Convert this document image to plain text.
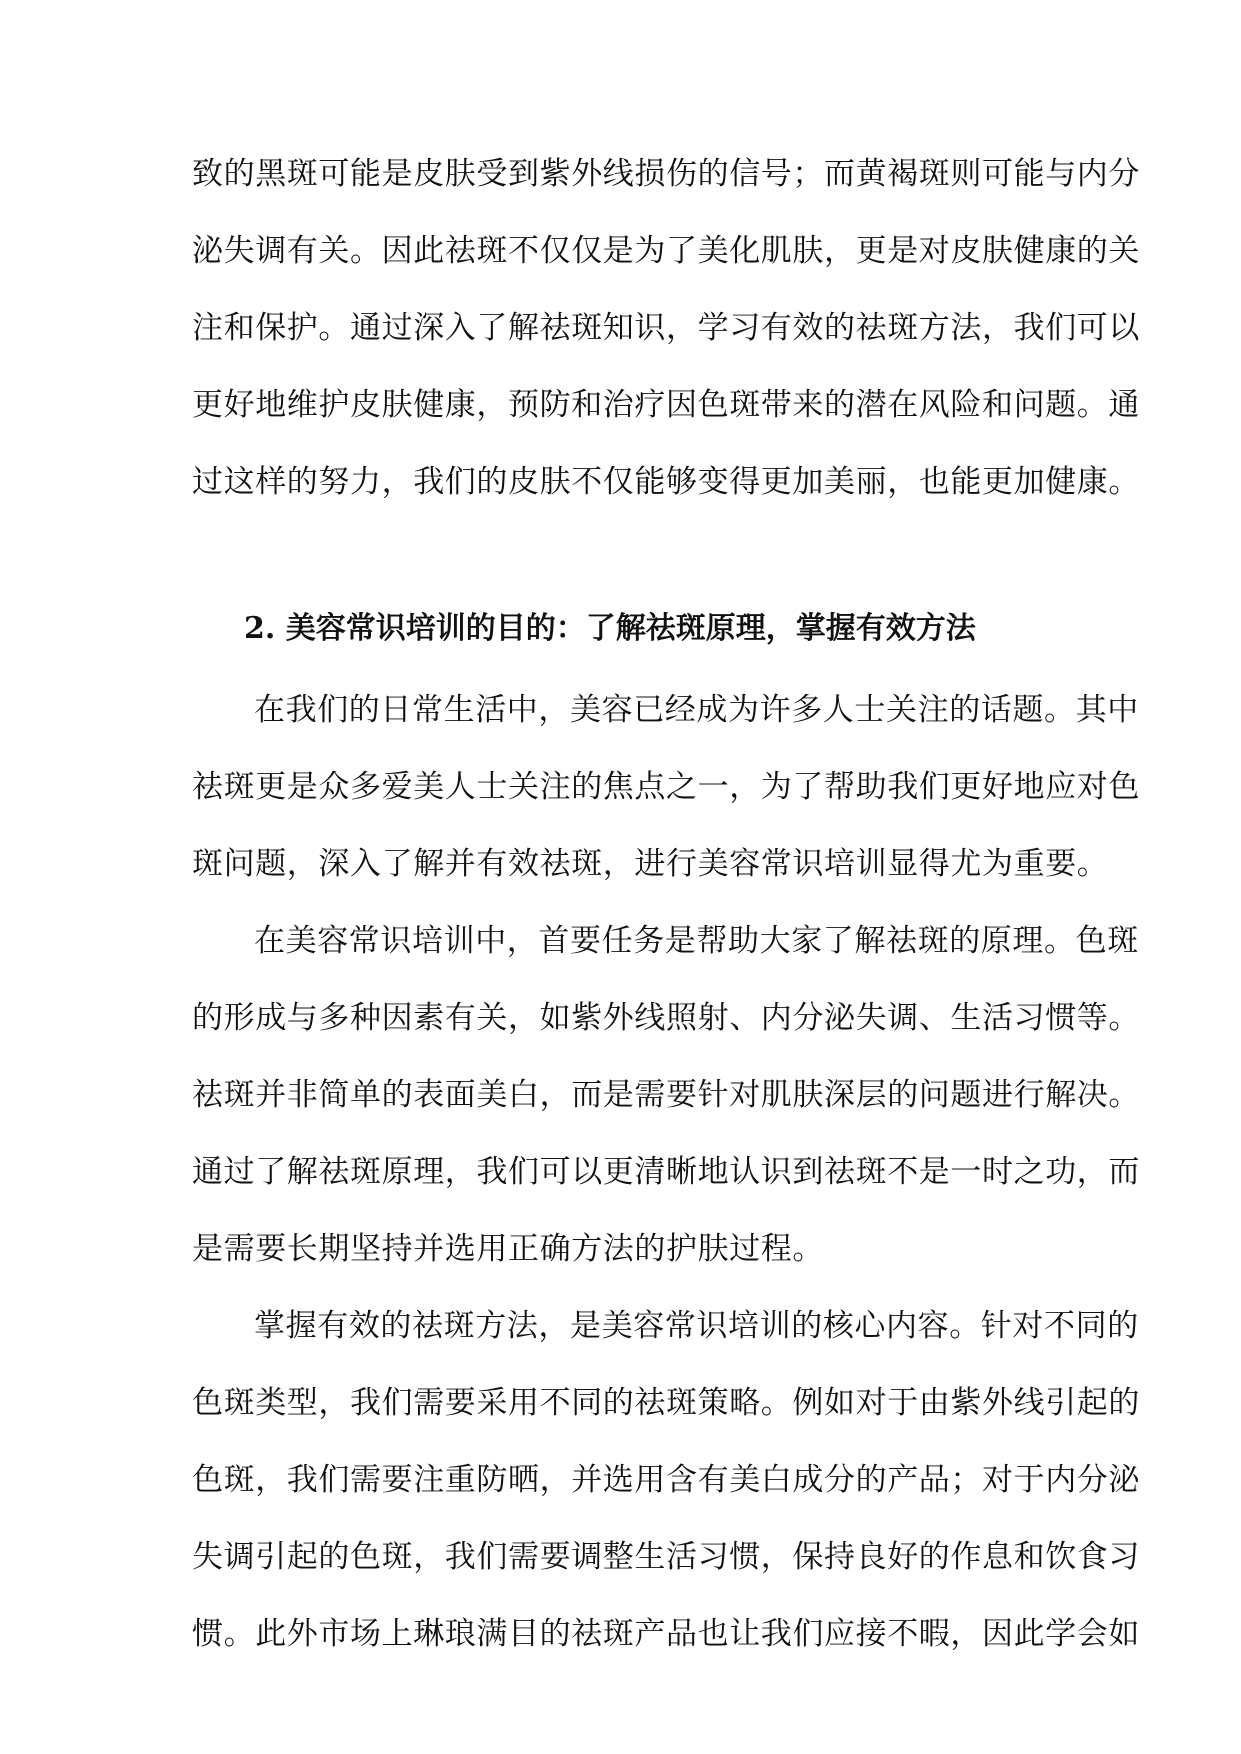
致的黑斑可能是皮肤受到紫外线损伤的信号；而黄褐斑则可能与内分
泌失调有关。因此祛斑不仅仅是为了美化肌肤，更是对皮肤健康的关
注和保护。通过深入了解祛斑知识，学习有效的祛斑方法，我们可以
更好地维护皮肤健康，预防和治疗因色斑带来的潜在风险和问题。通
过这样的努力，我们的皮肤不仅能够变得更加美丽，也能更加健康。
2. 美容常识培训的目的：了解祛斑原理，掌握有效方法
在我们的日常生活中，美容已经成为许多人士关注的话题。其中
祛斑更是众多爱美人士关注的焦点之一，为了帮助我们更好地应对色
斑问题，深入了解并有效祛斑，进行美容常识培训显得尤为重要。
在美容常识培训中，首要任务是帮助大家了解祛斑的原理。色斑
的形成与多种因素有关，如紫外线照射、内分泌失调、生活习惯等。
祛斑并非简单的表面美白，而是需要针对肌肤深层的问题进行解决。
通过了解祛斑原理，我们可以更清晰地认识到祛斑不是一时之功，而
是需要长期坚持并选用正确方法的护肤过程。
掌握有效的祛斑方法，是美容常识培训的核心内容。针对不同的
色斑类型，我们需要采用不同的祛斑策略。例如对于由紫外线引起的
色斑，我们需要注重防晒，并选用含有美白成分的产品；对于内分泌
失调引起的色斑，我们需要调整生活习惯，保持良好的作息和饮食习
惯。此外市场上琳琅满目的祛斑产品也让我们应接不暇，因此学会如
